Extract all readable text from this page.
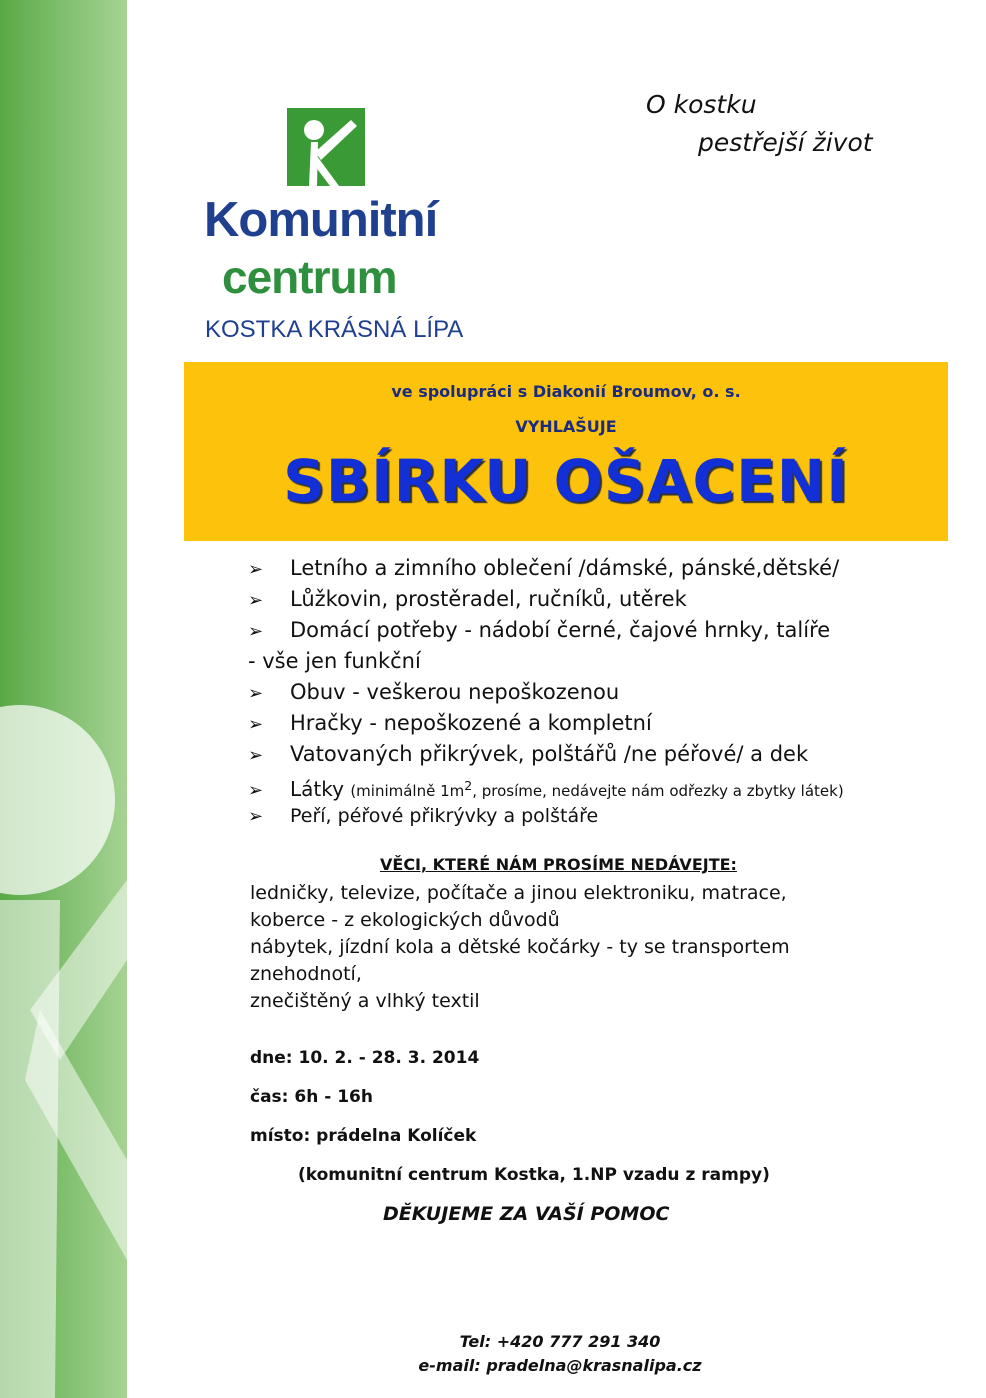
O kostku
pestřejší život
Komunitní
centrum
KOSTKA KRÁSNÁ LÍPA
ve spolupráci s Diakonií Broumov, o. s.
VYHLAŠUJE
SBÍRKU OŠACENÍ
➢ Letního a zimního oblečení /dámské, pánské,dětské/
➢ Lůžkovin, prostěradel, ručníků, utěrek
➢ Domácí potřeby - nádobí černé, čajové hrnky, talíře
- vše jen funkční
➢ Obuv - veškerou nepoškozenou
➢ Hračky - nepoškozené a kompletní
➢ Vatovaných přikrývek, polštářů /ne péřové/ a dek
➢ Látky (minimálně $1m^2$, prosíme, nedávejte nám odřezky a zbytky látek)
➢ Peří, péřové přikrývky a polštáře
VĚCI, KTERÉ NÁM PROSÍME NEDÁVEJTE:
ledničky, televize, počítače a jinou elektroniku, matrace,
koberce - z ekologických důvodů
nábytek, jízdní kola a dětské kočárky - ty se transportem
znehodnotí,
znečištěný a vlhký textil
dne: 10. 2. - 28. 3. 2014
čas: 6h - 16h
místo: prádelna Kolíček
(komunitní centrum Kostka, 1.NP vzadu z rampy)
DĚKUJEME ZA VAŠÍ POMOC
Tel: +420 777 291 340
e-mail: pradelna@krasnalipa.cz
